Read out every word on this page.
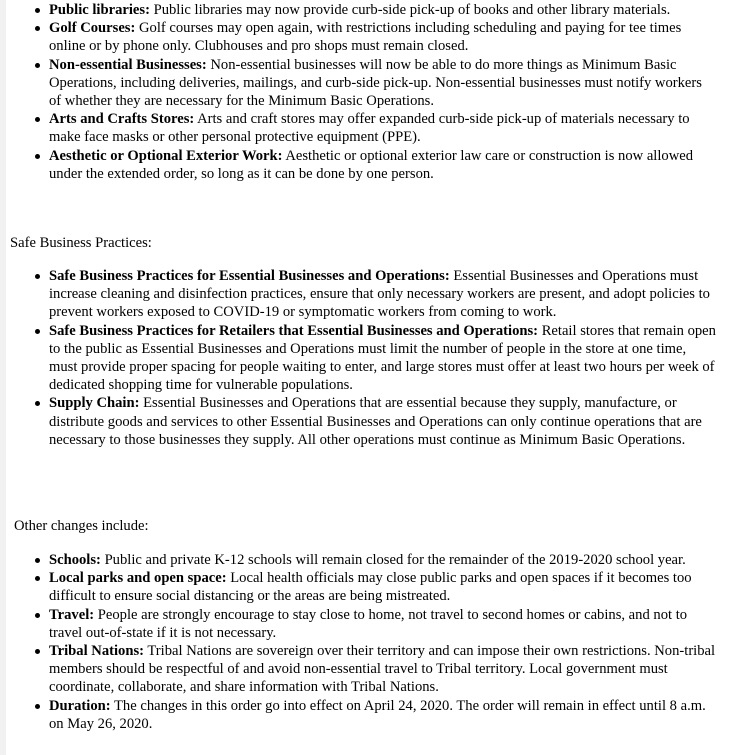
Public libraries: Public libraries may now provide curb-side pick-up of books and other library materials.
Golf Courses: Golf courses may open again, with restrictions including scheduling and paying for tee times online or by phone only. Clubhouses and pro shops must remain closed.
Non-essential Businesses: Non-essential businesses will now be able to do more things as Minimum Basic Operations, including deliveries, mailings, and curb-side pick-up. Non-essential businesses must notify workers of whether they are necessary for the Minimum Basic Operations.
Arts and Crafts Stores: Arts and craft stores may offer expanded curb-side pick-up of materials necessary to make face masks or other personal protective equipment (PPE).
Aesthetic or Optional Exterior Work: Aesthetic or optional exterior law care or construction is now allowed under the extended order, so long as it can be done by one person.

Safe Business Practices:

Safe Business Practices for Essential Businesses and Operations: Essential Businesses and Operations must increase cleaning and disinfection practices, ensure that only necessary workers are present, and adopt policies to prevent workers exposed to COVID-19 or symptomatic workers from coming to work.
Safe Business Practices for Retailers that Essential Businesses and Operations: Retail stores that remain open to the public as Essential Businesses and Operations must limit the number of people in the store at one time, must provide proper spacing for people waiting to enter, and large stores must offer at least two hours per week of dedicated shopping time for vulnerable populations.
Supply Chain: Essential Businesses and Operations that are essential because they supply, manufacture, or distribute goods and services to other Essential Businesses and Operations can only continue operations that are necessary to those businesses they supply. All other operations must continue as Minimum Basic Operations.

Other changes include:

Schools: Public and private K-12 schools will remain closed for the remainder of the 2019-2020 school year.
Local parks and open space: Local health officials may close public parks and open spaces if it becomes too difficult to ensure social distancing or the areas are being mistreated.
Travel: People are strongly encourage to stay close to home, not travel to second homes or cabins, and not to travel out-of-state if it is not necessary.
Tribal Nations: Tribal Nations are sovereign over their territory and can impose their own restrictions. Non-tribal members should be respectful of and avoid non-essential travel to Tribal territory. Local government must coordinate, collaborate, and share information with Tribal Nations.
Duration: The changes in this order go into effect on April 24, 2020. The order will remain in effect until 8 a.m. on May 26, 2020.
